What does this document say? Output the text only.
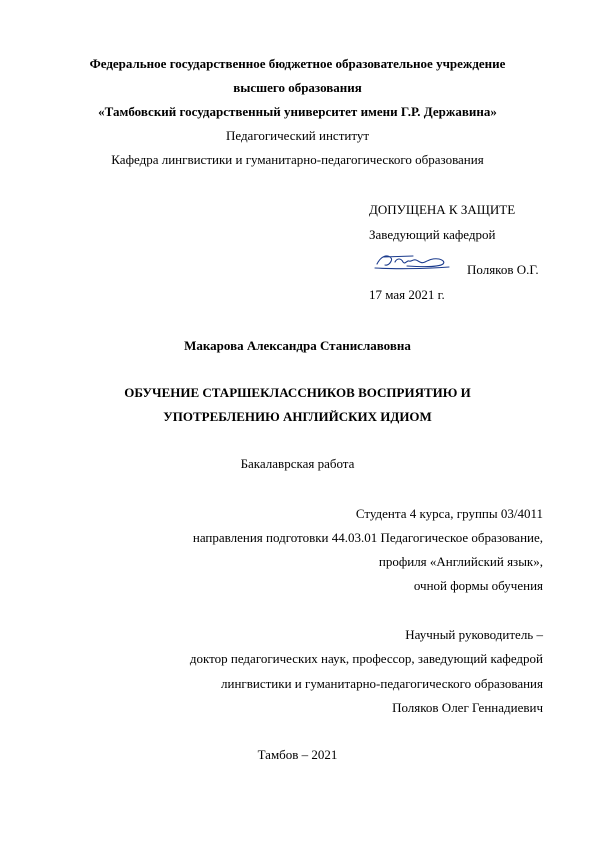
Федеральное государственное бюджетное образовательное учреждение
высшего образования
«Тамбовский государственный университет имени Г.Р. Державина»
Педагогический институт
Кафедра лингвистики и гуманитарно-педагогического образования
ДОПУЩЕНА К ЗАЩИТЕ
Заведующий кафедрой
Поляков О.Г.
17 мая 2021 г.
Макарова Александра Станиславовна
ОБУЧЕНИЕ СТАРШЕКЛАССНИКОВ ВОСПРИЯТИЮ И
УПОТРЕБЛЕНИЮ АНГЛИЙСКИХ ИДИОМ
Бакалаврская работа
Студента 4 курса, группы 03/4011
направления подготовки 44.03.01 Педагогическое образование,
профиля «Английский язык»,
очной формы обучения
Научный руководитель –
доктор педагогических наук, профессор, заведующий кафедрой
лингвистики и гуманитарно-педагогического образования
Поляков Олег Геннадиевич
Тамбов – 2021
